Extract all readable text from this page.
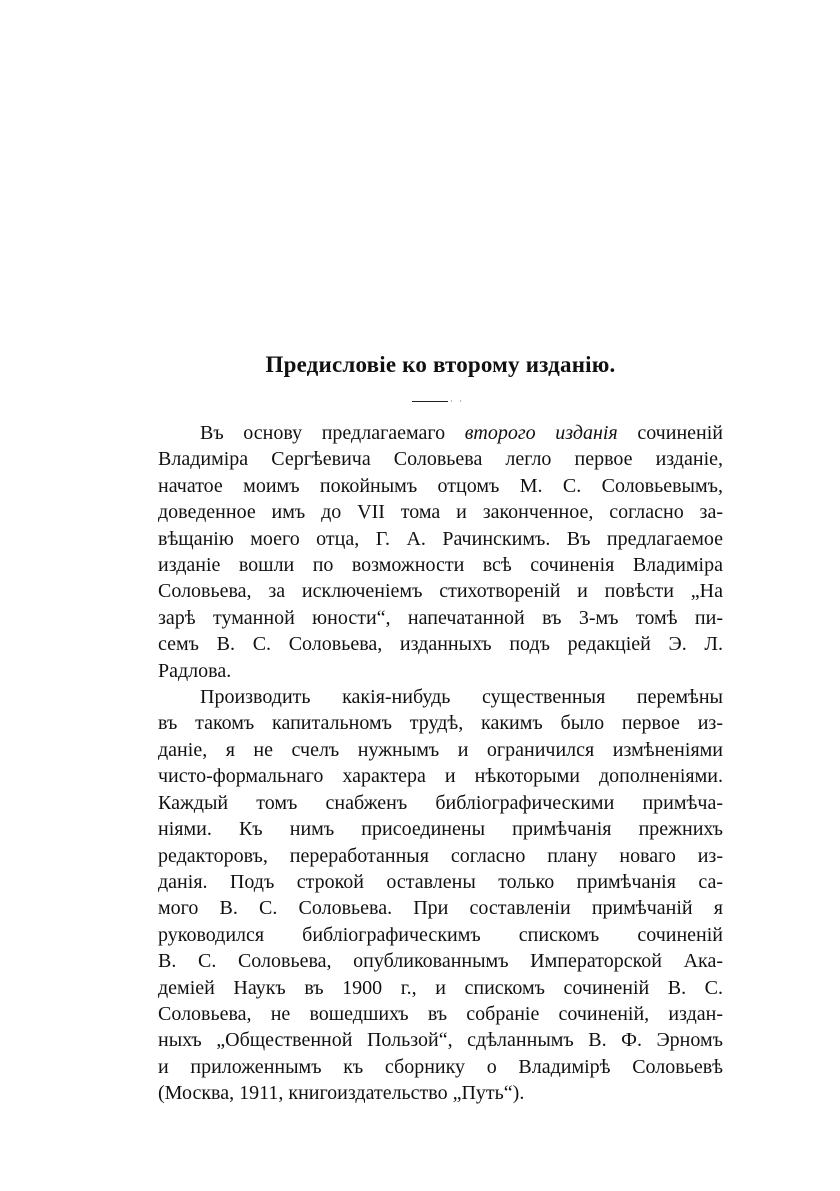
Предисловіе ко второму изданію.
· ·

Въ основу предлагаемаго второго изданія сочиненій
Владиміра Сергѣевича Соловьева легло первое изданіе,
начатое моимъ покойнымъ отцомъ М. С. Соловьевымъ,
доведенное имъ до VII тома и законченное, согласно за-
вѣщанію моего отца, Г. А. Рачинскимъ. Въ предлагаемое
изданіе вошли по возможности всѣ сочиненія Владиміра
Соловьева, за исключеніемъ стихотвореній и повѣсти „На
зарѣ туманной юности“, напечатанной въ 3-мъ томѣ пи-
семъ В. С. Соловьева, изданныхъ подъ редакціей Э. Л.
Радлова.

Производить какія-нибудь существенныя перемѣны
въ такомъ капитальномъ трудѣ, какимъ было первое из-
даніе, я не счелъ нужнымъ и ограничился измѣненіями
чисто-формальнаго характера и нѣкоторыми дополненіями.
Каждый томъ снабженъ библіографическими примѣча-
ніями. Къ нимъ присоединены примѣчанія прежнихъ
редакторовъ, переработанныя согласно плану новаго из-
данія. Подъ строкой оставлены только примѣчанія са-
мого В. С. Соловьева. При составленіи примѣчаній я
руководился библіографическимъ спискомъ сочиненій
В. С. Соловьева, опубликованнымъ Императорской Ака-
деміей Наукъ въ 1900 г., и спискомъ сочиненій В. С.
Соловьева, не вошедшихъ въ собраніе сочиненій, издан-
ныхъ „Общественной Пользой“, сдѣланнымъ В. Ф. Эрномъ
и приложеннымъ къ сборнику о Владимірѣ Соловьевѣ
(Москва, 1911, книгоиздательство „Путь“).
